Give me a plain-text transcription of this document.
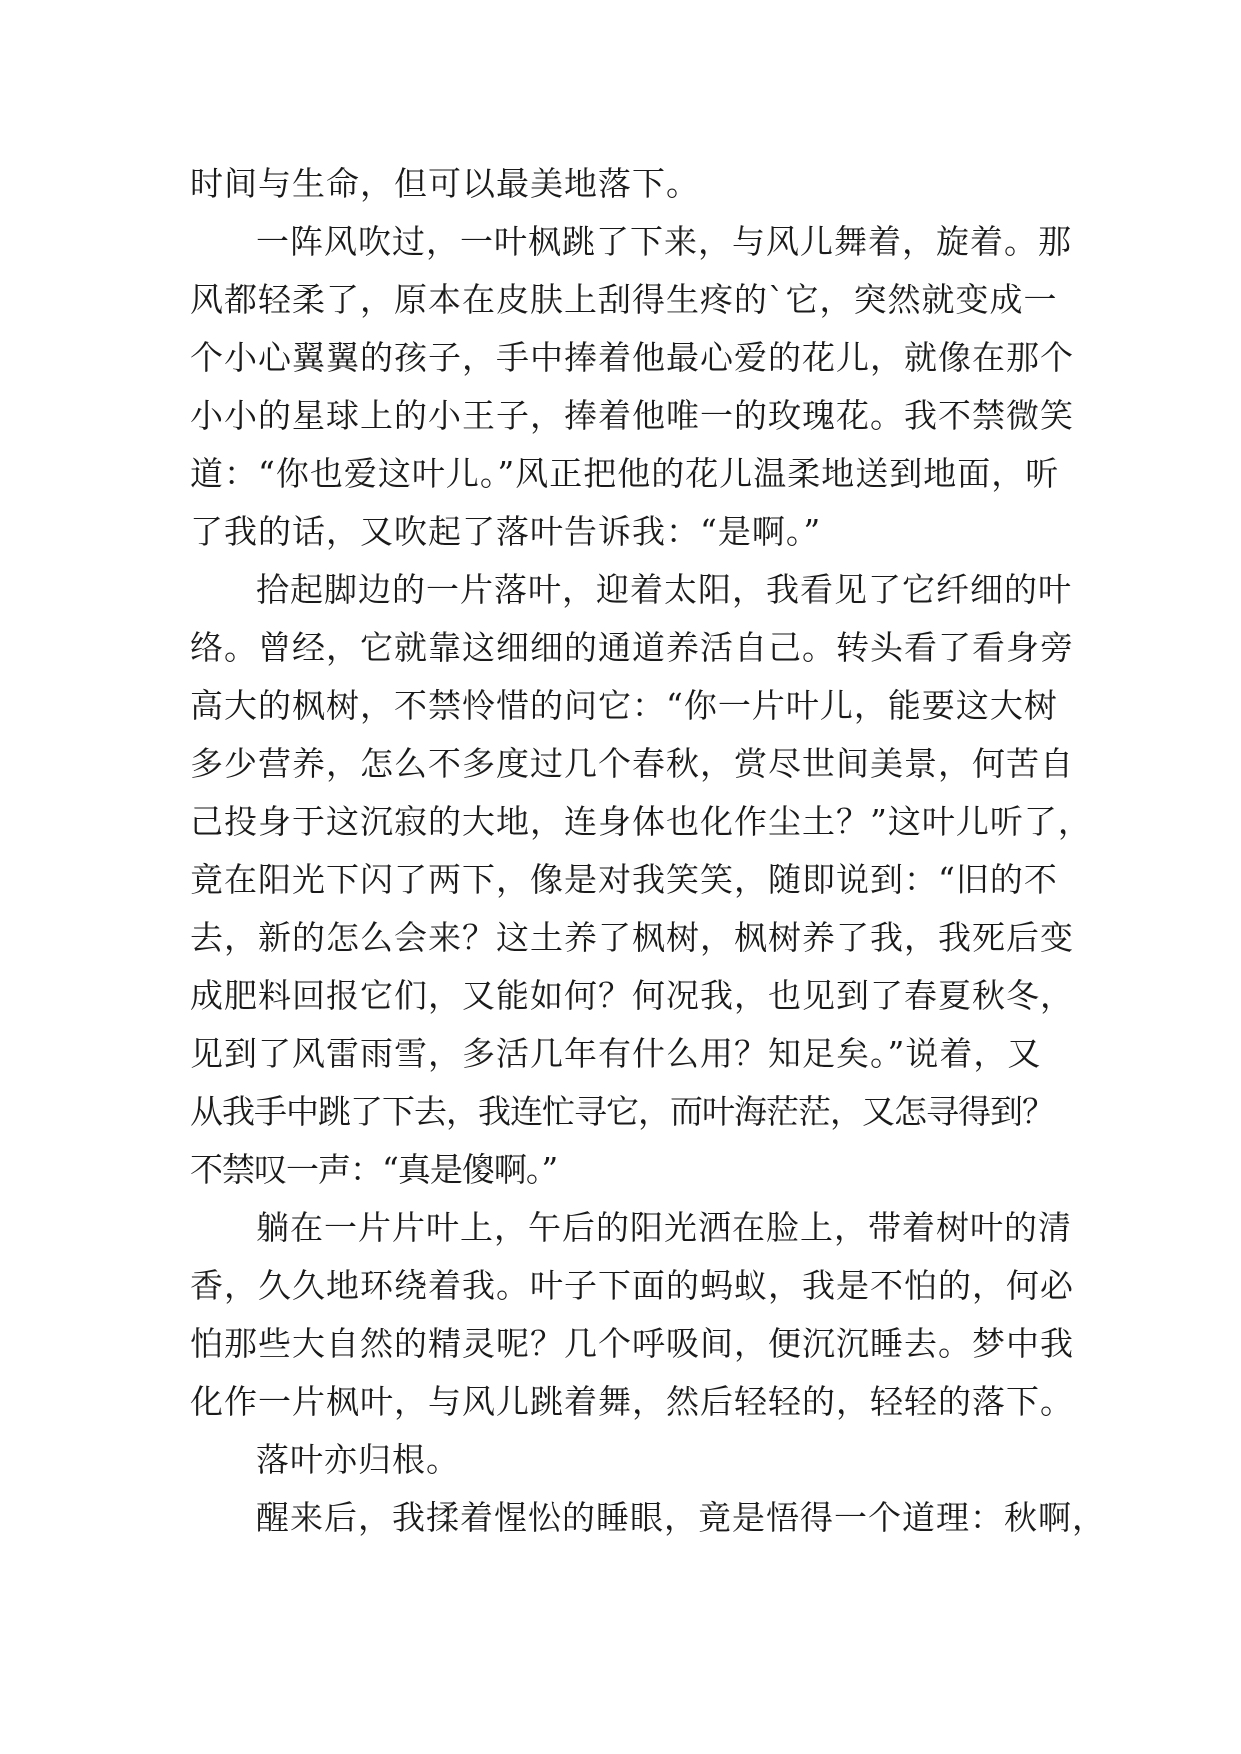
时间与生命，但可以最美地落下。
一阵风吹过，一叶枫跳了下来，与风儿舞着，旋着。那
风都轻柔了，原本在皮肤上刮得生疼的`它，突然就变成一
个小心翼翼的孩子，手中捧着他最心爱的花儿，就像在那个
小小的星球上的小王子，捧着他唯一的玫瑰花。我不禁微笑
道：“你也爱这叶儿。”风正把他的花儿温柔地送到地面，听
了我的话，又吹起了落叶告诉我：“是啊。”
拾起脚边的一片落叶，迎着太阳，我看见了它纤细的叶
络。曾经，它就靠这细细的通道养活自己。转头看了看身旁
高大的枫树，不禁怜惜的问它：“你一片叶儿，能要这大树
多少营养，怎么不多度过几个春秋，赏尽世间美景，何苦自
己投身于这沉寂的大地，连身体也化作尘土？”这叶儿听了，
竟在阳光下闪了两下，像是对我笑笑，随即说到：“旧的不
去，新的怎么会来？这土养了枫树，枫树养了我，我死后变
成肥料回报它们，又能如何？何况我，也见到了春夏秋冬，
见到了风雷雨雪，多活几年有什么用？知足矣。”说着，又
从我手中跳了下去，我连忙寻它，而叶海茫茫，又怎寻得到？
不禁叹一声：“真是傻啊。”
躺在一片片叶上，午后的阳光洒在脸上，带着树叶的清
香，久久地环绕着我。叶子下面的蚂蚁，我是不怕的，何必
怕那些大自然的精灵呢？几个呼吸间，便沉沉睡去。梦中我
化作一片枫叶，与风儿跳着舞，然后轻轻的，轻轻的落下。
落叶亦归根。
醒来后，我揉着惺忪的睡眼，竟是悟得一个道理：秋啊，
